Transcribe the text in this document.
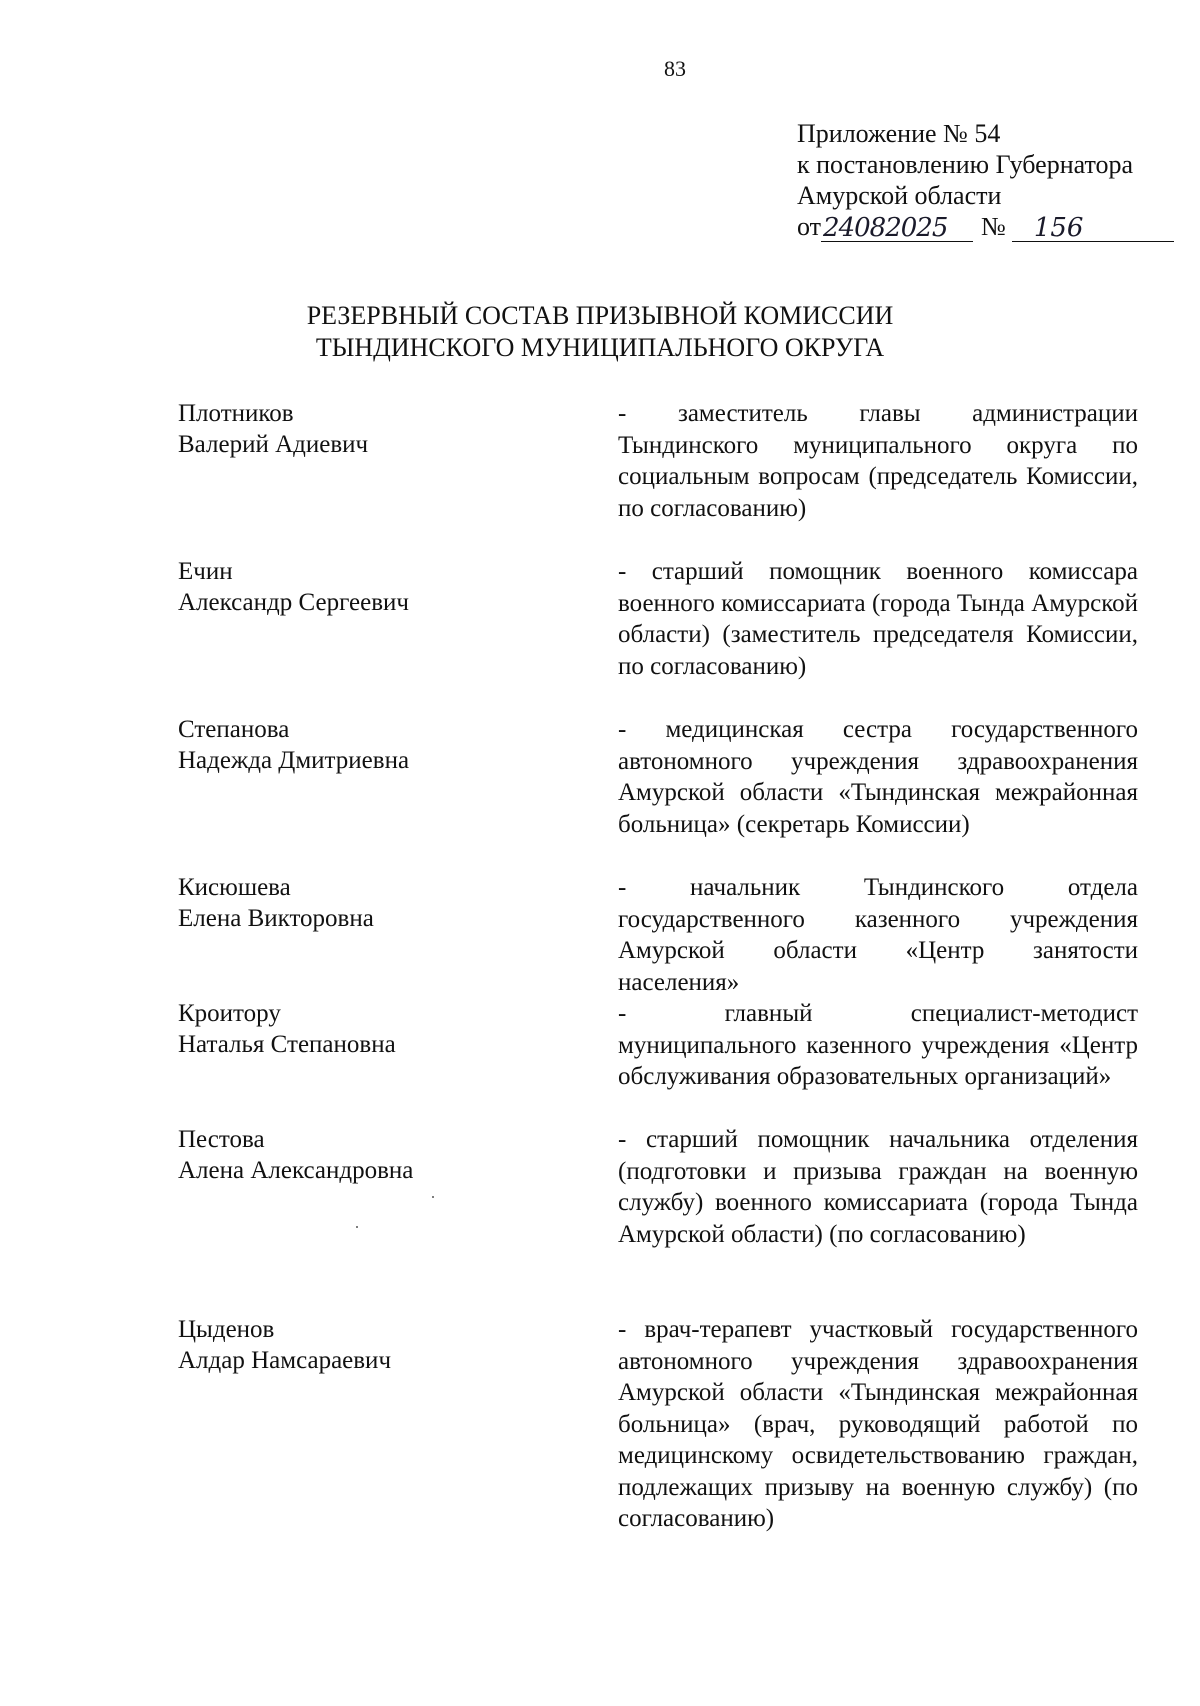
83
Приложение № 54
к постановлению Губернатора
Амурской области
от 24082025	№	156
РЕЗЕРВНЫЙ СОСТАВ ПРИЗЫВНОЙ КОМИССИИ
ТЫНДИНСКОГО МУНИЦИПАЛЬНОГО ОКРУГА
Плотников
Валерий Адиевич
- заместитель главы администрации Тындинского муниципального округа по социальным вопросам (председатель Комиссии, по согласованию)
Ечин
Александр Сергеевич
- старший помощник военного комиссара военного комиссариата (города Тында Амурской области) (заместитель председателя Комиссии, по согласованию)
Степанова
Надежда Дмитриевна
- медицинская сестра государственного автономного учреждения здравоохранения Амурской области «Тындинская межрайонная больница» (секретарь Комиссии)
Кисюшева
Елена Викторовна
- начальник Тындинского отдела государственного казенного учреждения Амурской области «Центр занятости населения»
Кроитору
Наталья Степановна
- главный специалист-методист муниципального казенного учреждения «Центр обслуживания образовательных организаций»
Пестова
Алена Александровна
- старший помощник начальника отделения (подготовки и призыва граждан на военную службу) военного комиссариата (города Тында Амурской области) (по согласованию)
Цыденов
Алдар Намсараевич
- врач-терапевт участковый государственного автономного учреждения здравоохранения Амурской области «Тындинская межрайонная больница» (врач, руководящий работой по медицинскому освидетельствованию граждан, подлежащих призыву на военную службу) (по согласованию)
